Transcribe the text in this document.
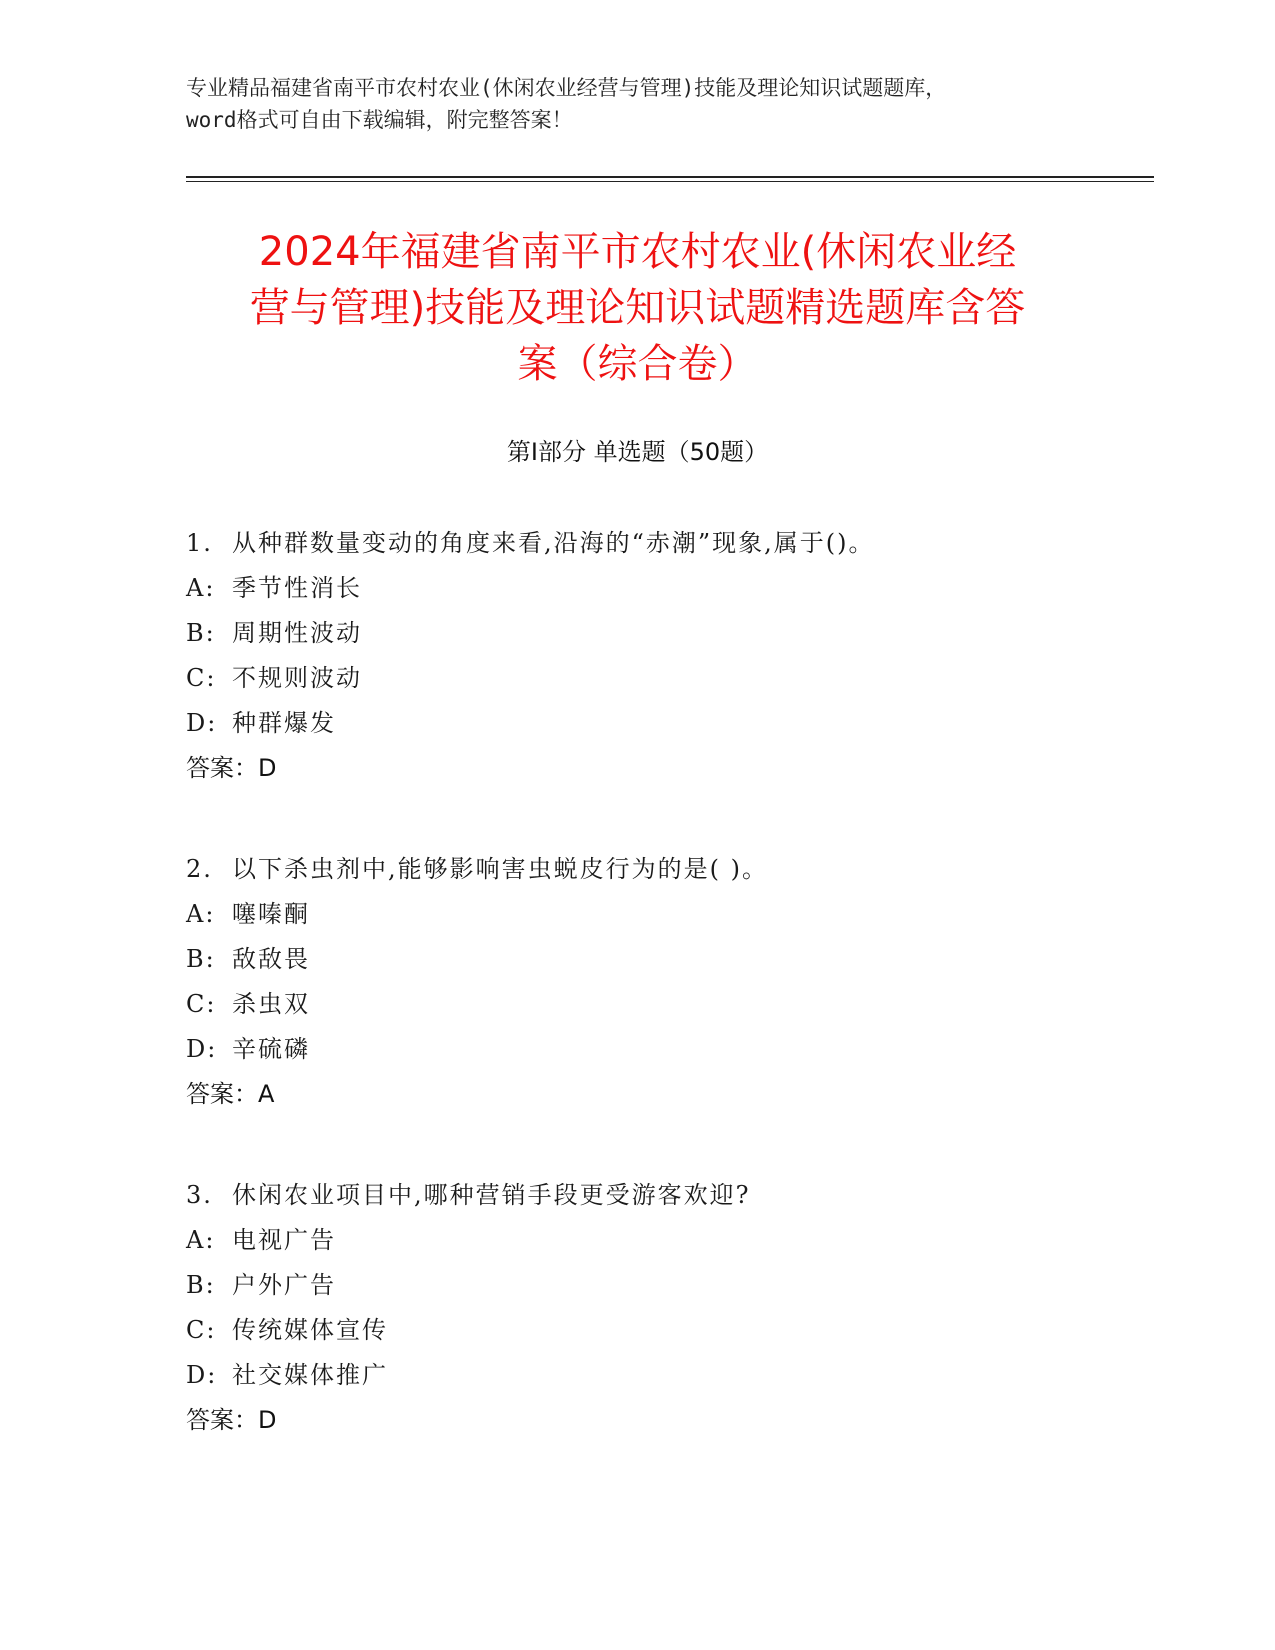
专业精品福建省南平市农村农业(休闲农业经营与管理)技能及理论知识试题题库，
word格式可自由下载编辑，附完整答案！
2024年福建省南平市农村农业(休闲农业经
营与管理)技能及理论知识试题精选题库含答
案（综合卷）
第Ⅰ部分 单选题（50题）
1. 从种群数量变动的角度来看,沿海的“赤潮”现象,属于()。
A: 季节性消长
B: 周期性波动
C: 不规则波动
D: 种群爆发
答案：D
2. 以下杀虫剂中,能够影响害虫蜕皮行为的是( )。
A: 噻嗪酮
B: 敌敌畏
C: 杀虫双
D: 辛硫磷
答案：A
3. 休闲农业项目中,哪种营销手段更受游客欢迎?
A: 电视广告
B: 户外广告
C: 传统媒体宣传
D: 社交媒体推广
答案：D
